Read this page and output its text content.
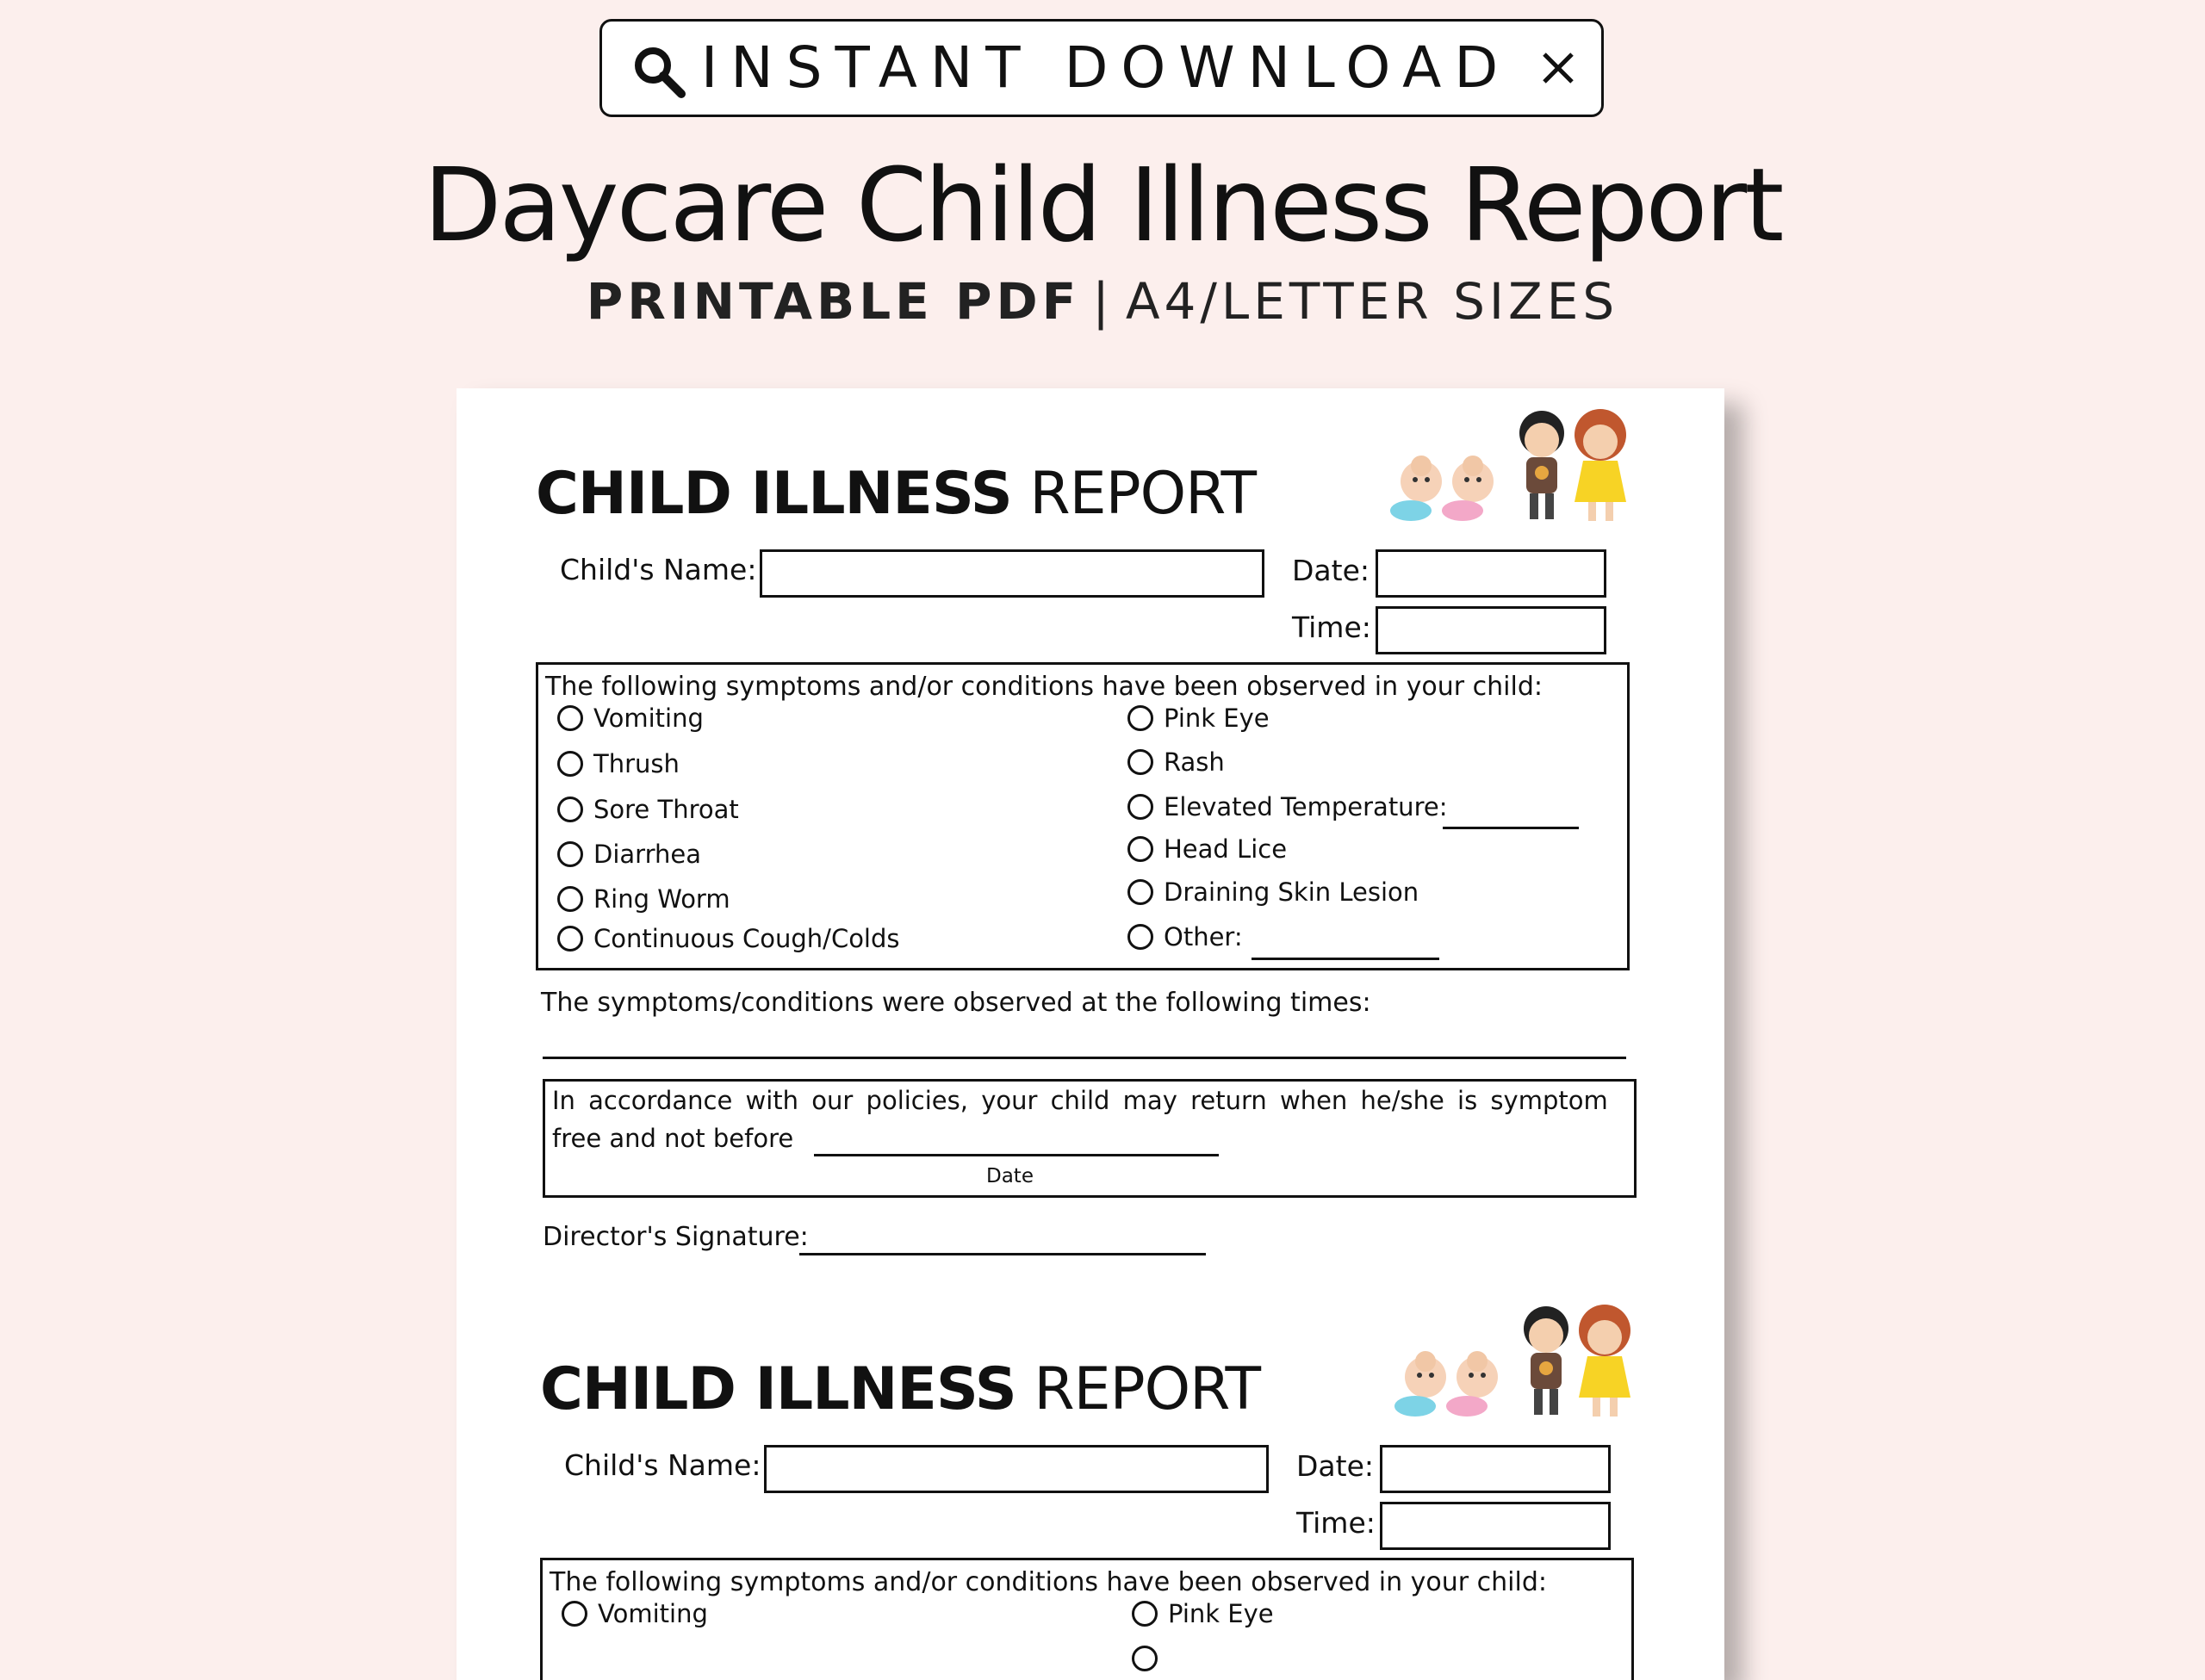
INSTANT DOWNLOAD
Daycare Child Illness Report
PRINTABLE PDF | A4/LETTER SIZES
CHILD ILLNESS REPORT
Child's Name:	Date:
Time:
The following symptoms and/or conditions have been observed in your child:
Vomiting
Thrush
Sore Throat
Diarrhea
Ring Worm
Continuous Cough/Colds
Pink Eye
Rash
Elevated Temperature:
Head Lice
Draining Skin Lesion
Other:
The symptoms/conditions were observed at the following times:
In accordance with our policies, your child may return when he/she is symptom
free and not before
Date
Director's Signature:
CHILD ILLNESS REPORT
Child's Name:	Date:
Time:
The following symptoms and/or conditions have been observed in your child:
Vomiting	Pink Eye
